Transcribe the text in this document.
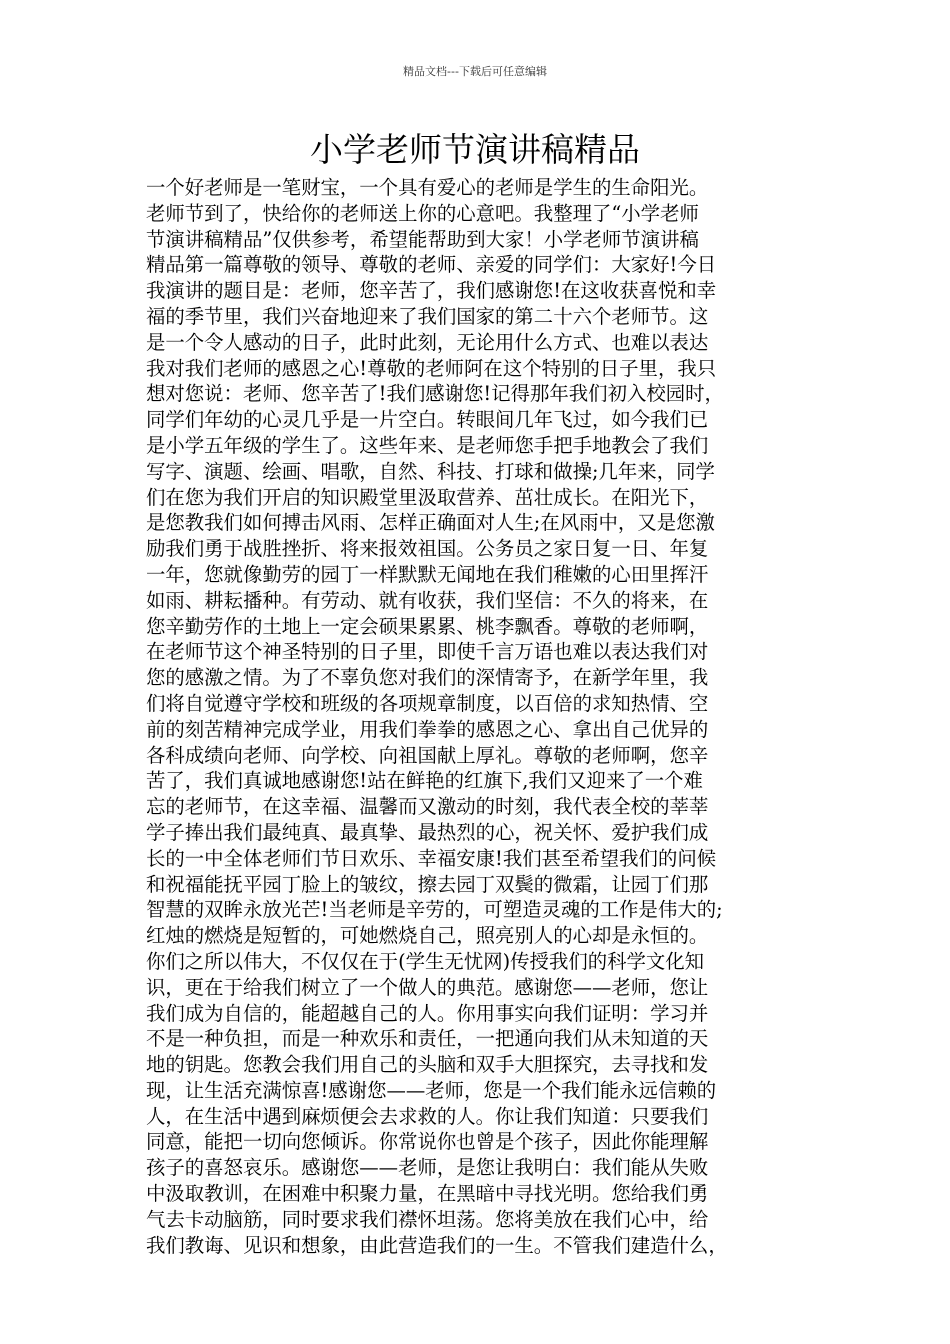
精品文档---下载后可任意编辑
小学老师节演讲稿精品
一个好老师是一笔财宝，一个具有爱心的老师是学生的生命阳光。
老师节到了，快给你的老师送上你的心意吧。我整理了“小学老师
节演讲稿精品”仅供参考，希望能帮助到大家！小学老师节演讲稿
精品第一篇尊敬的领导、尊敬的老师、亲爱的同学们：大家好!今日
我演讲的题目是：老师，您辛苦了，我们感谢您!在这收获喜悦和幸
福的季节里，我们兴奋地迎来了我们国家的第二十六个老师节。这
是一个令人感动的日子，此时此刻，无论用什么方式、也难以表达
我对我们老师的感恩之心!尊敬的老师阿在这个特别的日子里，我只
想对您说：老师、您辛苦了!我们感谢您!记得那年我们初入校园时，
同学们年幼的心灵几乎是一片空白。转眼间几年飞过，如今我们已
是小学五年级的学生了。这些年来、是老师您手把手地教会了我们
写字、演题、绘画、唱歌，自然、科技、打球和做操;几年来，同学
们在您为我们开启的知识殿堂里汲取营养、茁壮成长。在阳光下，
是您教我们如何搏击风雨、怎样正确面对人生;在风雨中，又是您激
励我们勇于战胜挫折、将来报效祖国。公务员之家日复一日、年复
一年，您就像勤劳的园丁一样默默无闻地在我们稚嫩的心田里挥汗
如雨、耕耘播种。有劳动、就有收获，我们坚信：不久的将来，在
您辛勤劳作的土地上一定会硕果累累、桃李飘香。尊敬的老师啊，
在老师节这个神圣特别的日子里，即使千言万语也难以表达我们对
您的感激之情。为了不辜负您对我们的深情寄予，在新学年里，我
们将自觉遵守学校和班级的各项规章制度，以百倍的求知热情、空
前的刻苦精神完成学业，用我们拳拳的感恩之心、拿出自己优异的
各科成绩向老师、向学校、向祖国献上厚礼。尊敬的老师啊，您辛
苦了，我们真诚地感谢您!站在鲜艳的红旗下,我们又迎来了一个难
忘的老师节，在这幸福、温馨而又激动的时刻，我代表全校的莘莘
学子捧出我们最纯真、最真挚、最热烈的心，祝关怀、爱护我们成
长的一中全体老师们节日欢乐、幸福安康!我们甚至希望我们的问候
和祝福能抚平园丁脸上的皱纹，擦去园丁双鬓的微霜，让园丁们那
智慧的双眸永放光芒!当老师是辛劳的，可塑造灵魂的工作是伟大的;
红烛的燃烧是短暂的，可她燃烧自己，照亮别人的心却是永恒的。
你们之所以伟大，不仅仅在于(学生无忧网)传授我们的科学文化知
识，更在于给我们树立了一个做人的典范。感谢您——老师，您让
我们成为自信的，能超越自己的人。你用事实向我们证明：学习并
不是一种负担，而是一种欢乐和责任，一把通向我们从未知道的天
地的钥匙。您教会我们用自己的头脑和双手大胆探究，去寻找和发
现，让生活充满惊喜!感谢您——老师，您是一个我们能永远信赖的
人，在生活中遇到麻烦便会去求救的人。你让我们知道：只要我们
同意，能把一切向您倾诉。你常说你也曾是个孩子，因此你能理解
孩子的喜怒哀乐。感谢您——老师，是您让我明白：我们能从失败
中汲取教训，在困难中积聚力量，在黑暗中寻找光明。您给我们勇
气去卡动脑筋，同时要求我们襟怀坦荡。您将美放在我们心中，给
我们教诲、见识和想象，由此营造我们的一生。不管我们建造什么，
